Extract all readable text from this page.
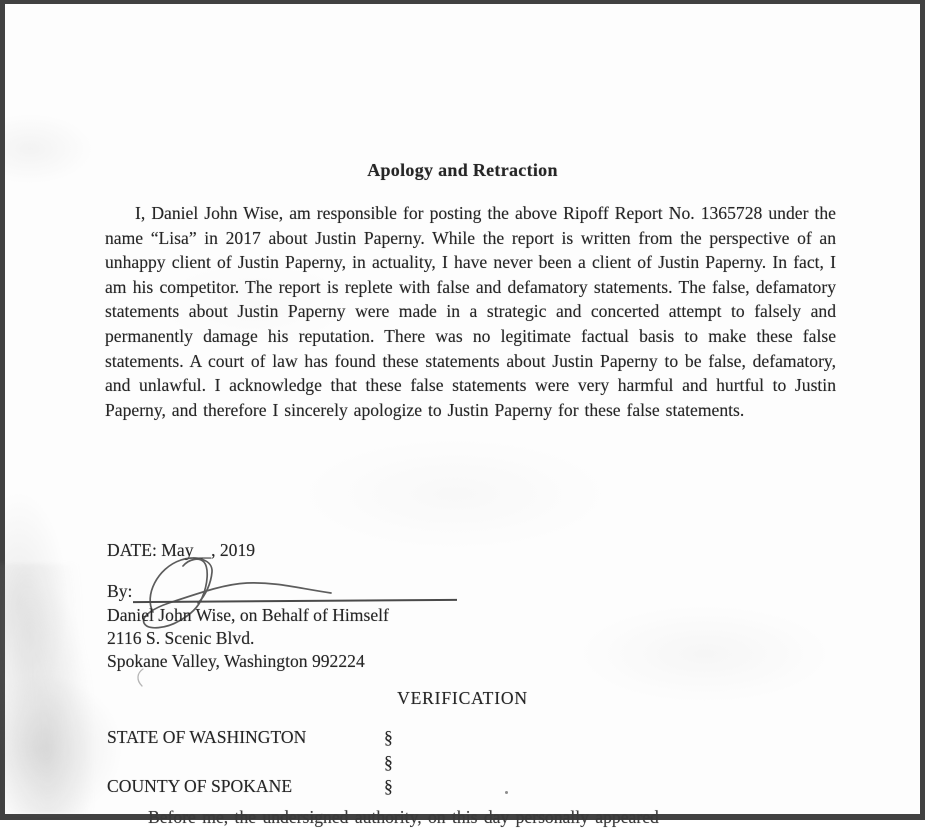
Apology and Retraction
I, Daniel John Wise, am responsible for posting the above Ripoff Report No. 1365728 under the name “Lisa” in 2017 about Justin Paperny. While the report is written from the perspective of an unhappy client of Justin Paperny, in actuality, I have never been a client of Justin Paperny. In fact, I am his competitor. The report is replete with false and defamatory statements. The false, defamatory statements about Justin Paperny were made in a strategic and concerted attempt to falsely and permanently damage his reputation. There was no legitimate factual basis to make these false statements. A court of law has found these statements about Justin Paperny to be false, defamatory, and unlawful. I acknowledge that these false statements were very harmful and hurtful to Justin Paperny, and therefore I sincerely apologize to Justin Paperny for these false statements.
DATE: May__, 2019
By:
Daniel John Wise, on Behalf of Himself
2116 S. Scenic Blvd.
Spokane Valley, Washington 992224
VERIFICATION
STATE OF WASHINGTON	§
§
COUNTY OF SPOKANE	§
Before me, the undersigned authority, on this day personally appeared
